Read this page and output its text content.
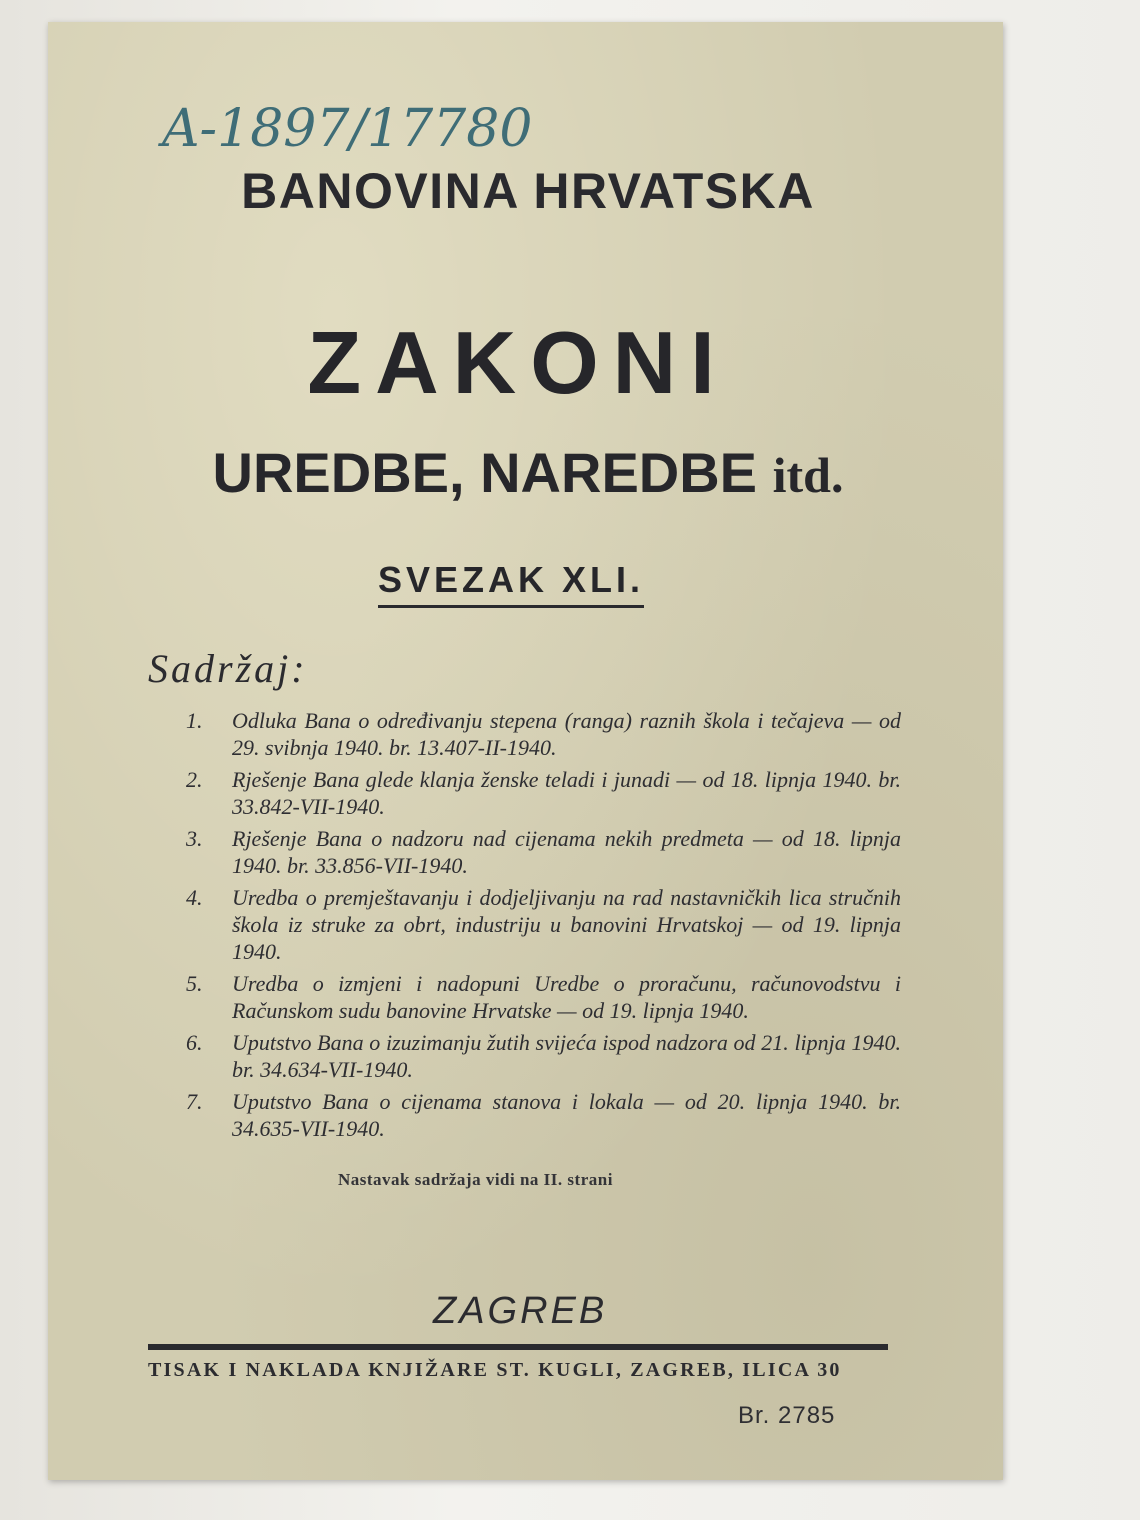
A-1897/17780
BANOVINA HRVATSKA
ZAKONI
UREDBE, NAREDBE itd.
SVEZAK XLI.
Sadržaj:
1.	Odluka Bana o određivanju stepena (ranga) raznih škola i tečajeva — od 29. svibnja 1940. br. 13.407-II-1940.
2.	Rješenje Bana glede klanja ženske teladi i junadi — od 18. lipnja 1940. br. 33.842-VII-1940.
3.	Rješenje Bana o nadzoru nad cijenama nekih predmeta — od 18. lipnja 1940. br. 33.856-VII-1940.
4.	Uredba o premještavanju i dodjeljivanju na rad nastavničkih lica stručnih škola iz struke za obrt, industriju u banovini Hrvatskoj — od 19. lipnja 1940.
5.	Uredba o izmjeni i nadopuni Uredbe o proračunu, računovodstvu i Računskom sudu banovine Hrvatske — od 19. lipnja 1940.
6.	Uputstvo Bana o izuzimanju žutih svijeća ispod nadzora od 21. lipnja 1940. br. 34.634-VII-1940.
7.	Uputstvo Bana o cijenama stanova i lokala — od 20. lipnja 1940. br. 34.635-VII-1940.
Nastavak sadržaja vidi na II. strani
ZAGREB
TISAK I NAKLADA KNJIŽARE ST. KUGLI, ZAGREB, ILICA 30
Br. 2785
